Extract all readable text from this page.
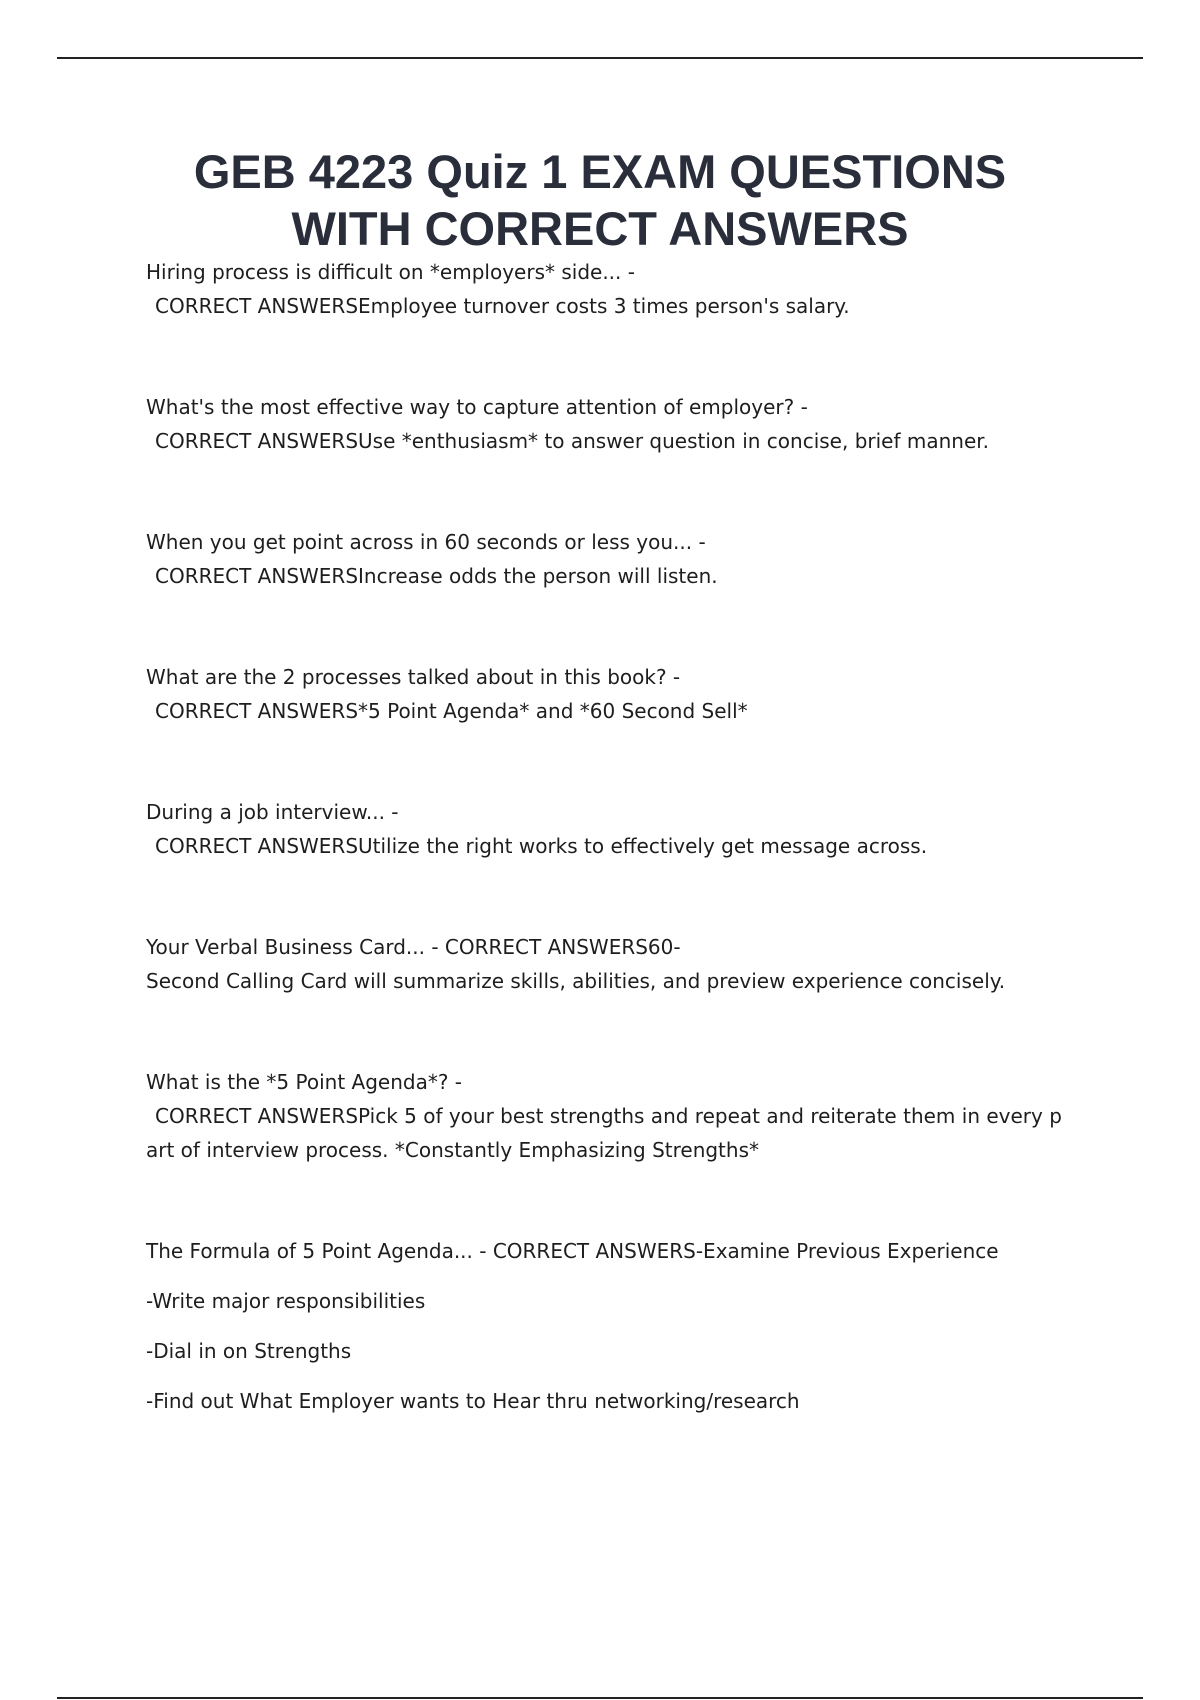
GEB 4223 Quiz 1 EXAM QUESTIONS
WITH CORRECT ANSWERS

Hiring process is difficult on *employers* side... -

CORRECT ANSWERSEmployee turnover costs 3 times person's salary.

What's the most effective way to capture attention of employer? -

CORRECT ANSWERSUse *enthusiasm* to answer question in concise, brief manner.

When you get point across in 60 seconds or less you... -

CORRECT ANSWERSIncrease odds the person will listen.

What are the 2 processes talked about in this book? -

CORRECT ANSWERS*5 Point Agenda* and *60 Second Sell*

During a job interview... -

CORRECT ANSWERSUtilize the right works to effectively get message across.

Your Verbal Business Card... - CORRECT ANSWERS60-

Second Calling Card will summarize skills, abilities, and preview experience concisely.

What is the *5 Point Agenda*? -

CORRECT ANSWERSPick 5 of your best strengths and repeat and reiterate them in every p

art of interview process. *Constantly Emphasizing Strengths*

The Formula of 5 Point Agenda... - CORRECT ANSWERS-Examine Previous Experience

-Write major responsibilities

-Dial in on Strengths

-Find out What Employer wants to Hear thru networking/research
